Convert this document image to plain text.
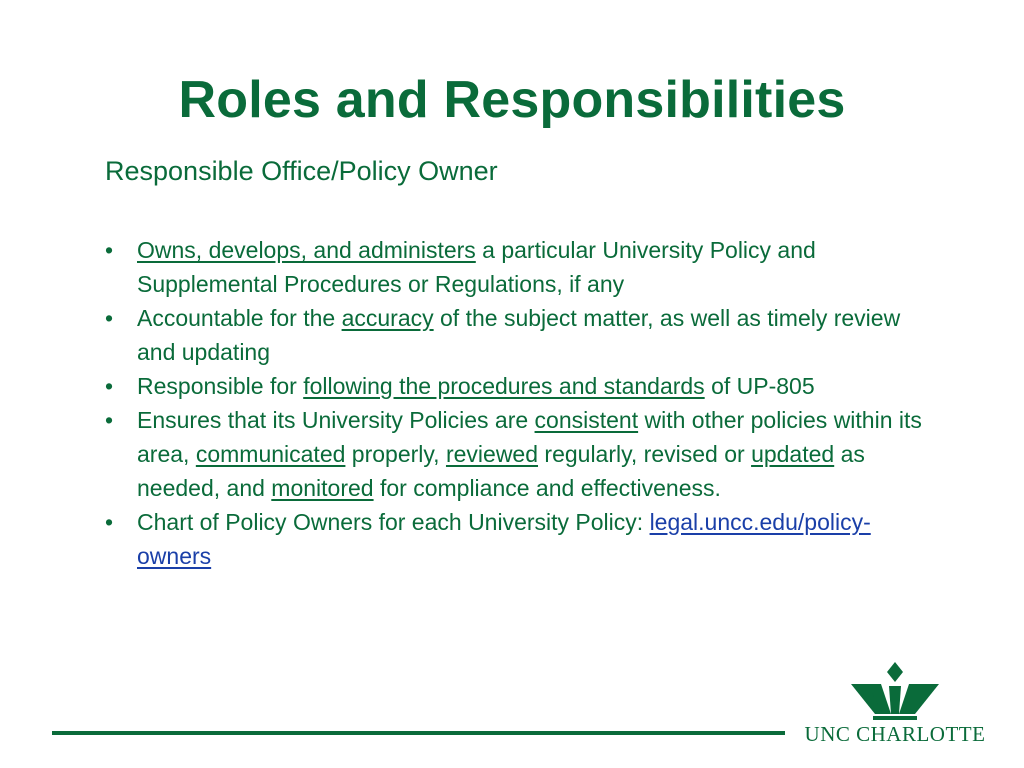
Roles and Responsibilities
Responsible Office/Policy Owner
•	Owns, develops, and administers a particular University Policy and Supplemental Procedures or Regulations, if any
•	Accountable for the accuracy of the subject matter, as well as timely review and updating
•	Responsible for following the procedures and standards of UP-805
•	Ensures that its University Policies are consistent with other policies within its area, communicated properly, reviewed regularly, revised or updated as needed, and monitored for compliance and effectiveness.
•	Chart of Policy Owners for each University Policy: legal.uncc.edu/policy-owners
UNC CHARLOTTE
